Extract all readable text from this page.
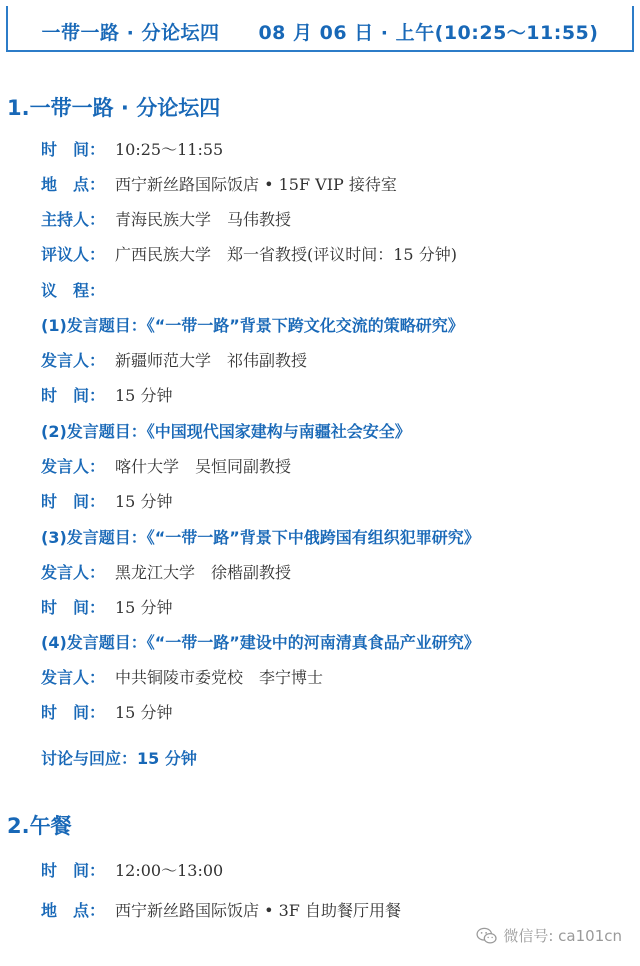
一带一路 · 分论坛四　　08 月 06 日 · 上午(10:25～11:55)
1.一带一路 · 分论坛四
时　间： 10:25～11:55
地　点： 西宁新丝路国际饭店 • 15F VIP 接待室
主持人： 青海民族大学　马伟教授
评议人： 广西民族大学　郑一省教授(评议时间：15 分钟)
议　程：
(1)发言题目：《“一带一路”背景下跨文化交流的策略研究》
发言人： 新疆师范大学　祁伟副教授
时　间： 15 分钟
(2)发言题目：《中国现代国家建构与南疆社会安全》
发言人： 喀什大学　吴恒同副教授
时　间： 15 分钟
(3)发言题目：《“一带一路”背景下中俄跨国有组织犯罪研究》
发言人： 黑龙江大学　徐楷副教授
时　间： 15 分钟
(4)发言题目：《“一带一路”建设中的河南清真食品产业研究》
发言人： 中共铜陵市委党校　李宁博士
时　间： 15 分钟
讨论与回应：15 分钟
2.午餐
时　间： 12:00～13:00
地　点： 西宁新丝路国际饭店 • 3F 自助餐厅用餐
微信号: ca101cn
